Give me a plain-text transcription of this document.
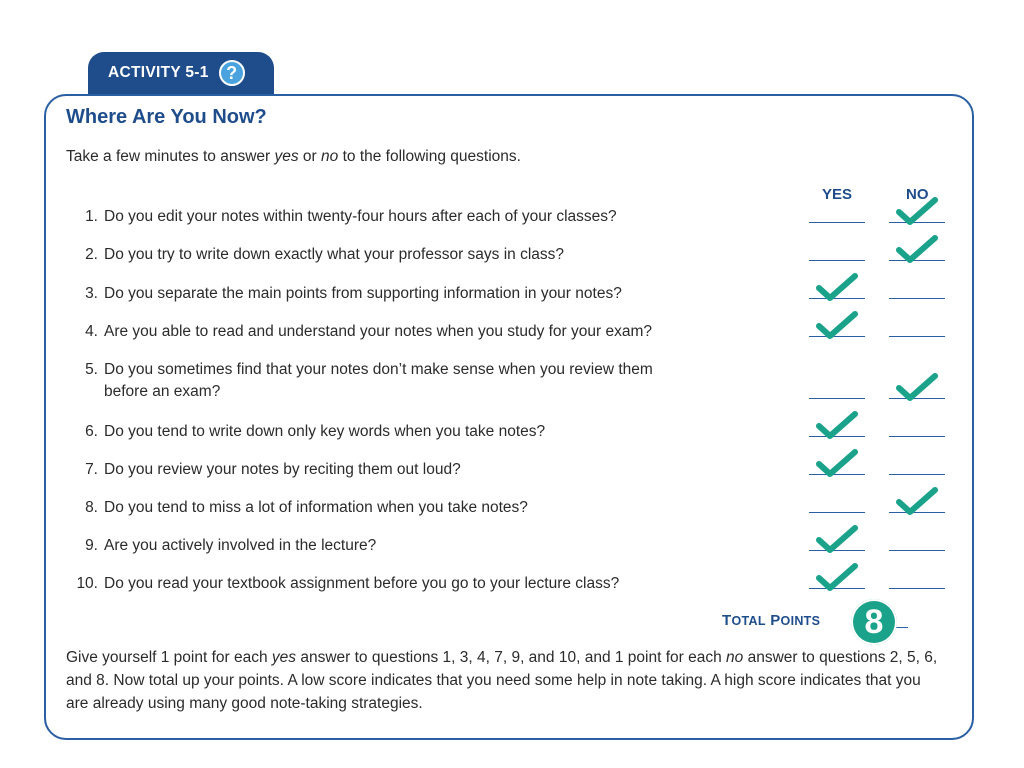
ACTIVITY 5-1 ?
Where Are You Now?
Take a few minutes to answer yes or no to the following questions.
YES	NO
1. Do you edit your notes within twenty-four hours after each of your classes?
2. Do you try to write down exactly what your professor says in class?
3. Do you separate the main points from supporting information in your notes?
4. Are you able to read and understand your notes when you study for your exam?
5. Do you sometimes find that your notes don’t make sense when you review them
before an exam?
6. Do you tend to write down only key words when you take notes?
7. Do you review your notes by reciting them out loud?
8. Do you tend to miss a lot of information when you take notes?
9. Are you actively involved in the lecture?
10. Do you read your textbook assignment before you go to your lecture class?
TOTAL POINTS	8
Give yourself 1 point for each yes answer to questions 1, 3, 4, 7, 9, and 10, and 1 point for each no answer to questions 2, 5, 6, and 8. Now total up your points. A low score indicates that you need some help in note taking. A high score indicates that you are already using many good note-taking strategies.
